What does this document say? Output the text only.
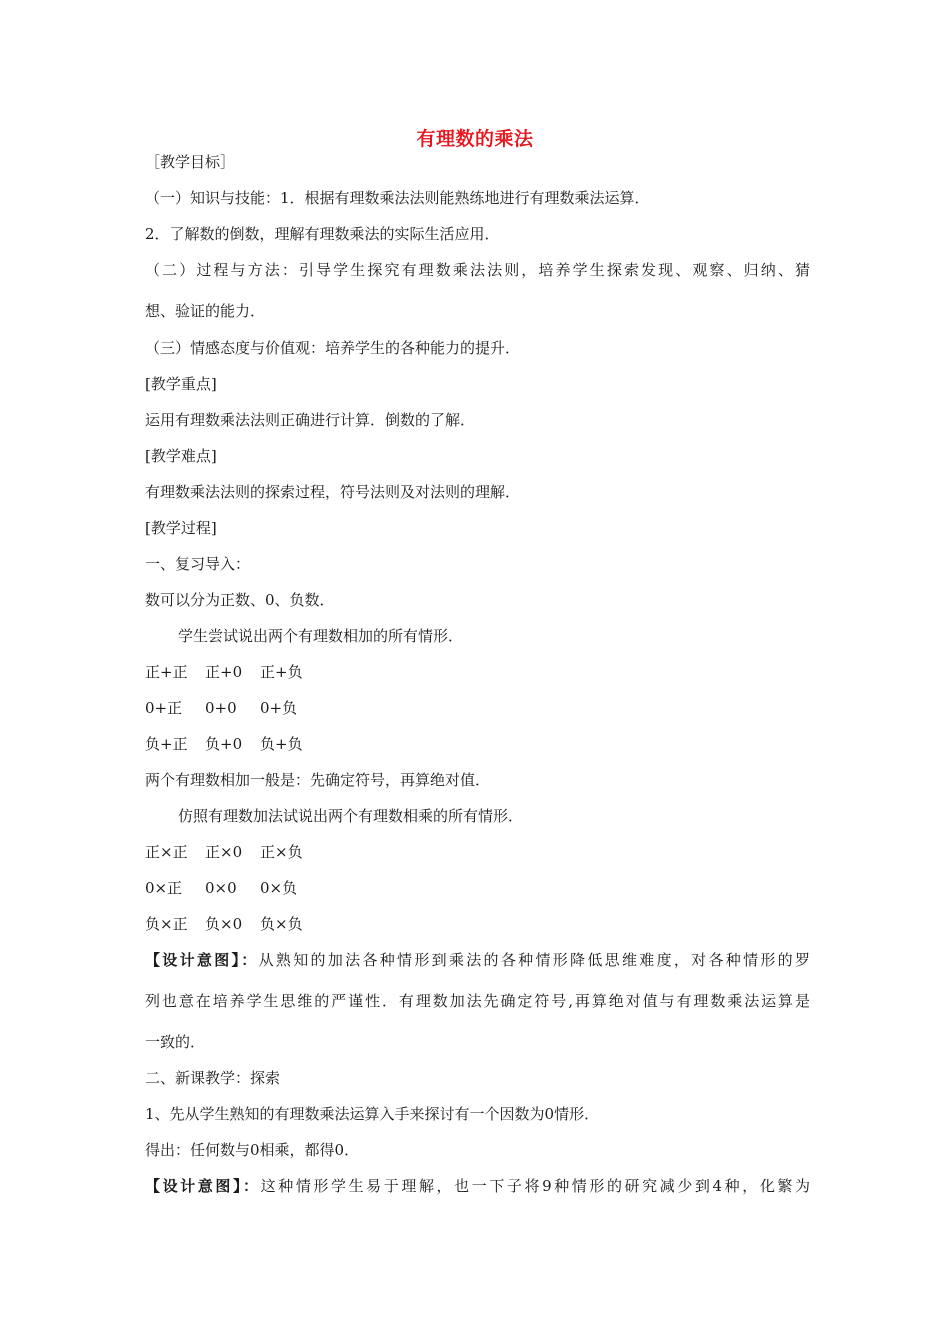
有理数的乘法
［教学目标］
（一）知识与技能：1．根据有理数乘法法则能熟练地进行有理数乘法运算．
2．了解数的倒数，理解有理数乘法的实际生活应用．
（二）过程与方法：引导学生探究有理数乘法法则，培养学生探索发现、观察、归纳、猜
想、验证的能力．
（三）情感态度与价值观：培养学生的各种能力的提升．
[教学重点]
运用有理数乘法法则正确进行计算．倒数的了解．
[教学难点]
有理数乘法法则的探索过程，符号法则及对法则的理解．
[教学过程]
一、复习导入：
数可以分为正数、0、负数．
学生尝试说出两个有理数相加的所有情形．
正+正 正+0 正+负
0+正 0+0 0+负
负+正 负+0 负+负
两个有理数相加一般是：先确定符号，再算绝对值．
仿照有理数加法试说出两个有理数相乘的所有情形．
正×正 正×0 正×负
0×正 0×0 0×负
负×正 负×0 负×负
【设计意图】：从熟知的加法各种情形到乘法的各种情形降低思维难度，对各种情形的罗
列也意在培养学生思维的严谨性．有理数加法先确定符号,再算绝对值与有理数乘法运算是
一致的．
二、新课教学：探索
1、先从学生熟知的有理数乘法运算入手来探讨有一个因数为0情形．
得出：任何数与0相乘，都得0．
【设计意图】：这种情形学生易于理解，也一下子将9种情形的研究减少到4种，化繁为
